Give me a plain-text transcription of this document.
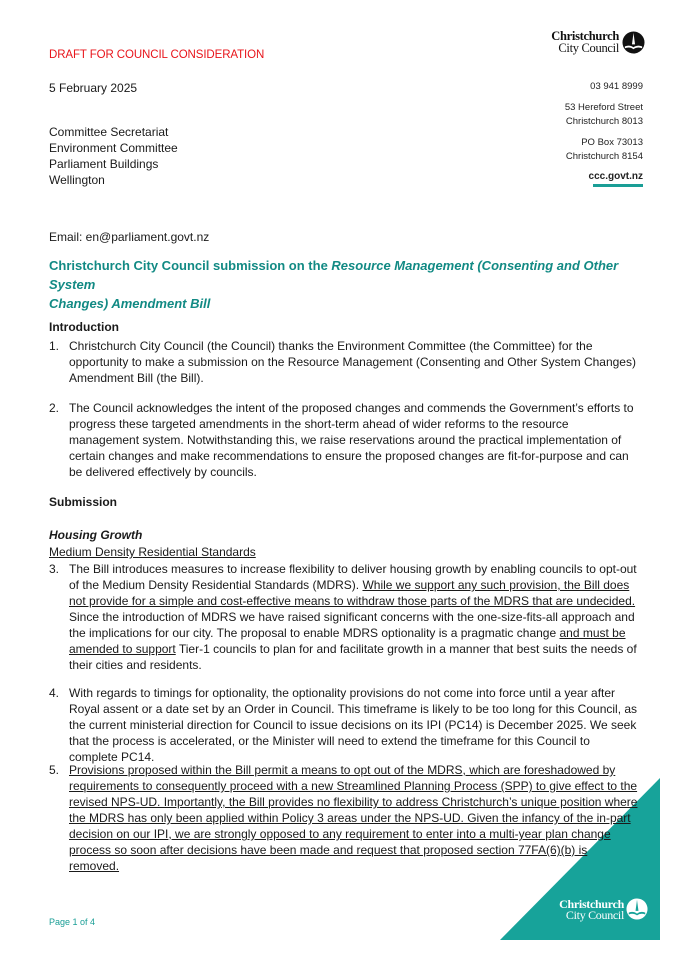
DRAFT FOR COUNCIL CONSIDERATION
5 February 2025
Committee Secretariat
Environment Committee
Parliament Buildings
Wellington
Christchurch
City Council
03 941 8999
53 Hereford Street
Christchurch 8013
PO Box 73013
Christchurch 8154
ccc.govt.nz
Email: en@parliament.govt.nz
Christchurch City Council submission on the Resource Management (Consenting and Other System
Changes) Amendment Bill
Introduction
1. Christchurch City Council (the Council) thanks the Environment Committee (the Committee) for the opportunity to make a submission on the Resource Management (Consenting and Other System Changes) Amendment Bill (the Bill).
2. The Council acknowledges the intent of the proposed changes and commends the Government’s efforts to progress these targeted amendments in the short-term ahead of wider reforms to the resource management system. Notwithstanding this, we raise reservations around the practical implementation of certain changes and make recommendations to ensure the proposed changes are fit-for-purpose and can be delivered effectively by councils.
Submission
Housing Growth
Medium Density Residential Standards
3. The Bill introduces measures to increase flexibility to deliver housing growth by enabling councils to opt-out of the Medium Density Residential Standards (MDRS). While we support any such provision, the Bill does not provide for a simple and cost-effective means to withdraw those parts of the MDRS that are undecided. Since the introduction of MDRS we have raised significant concerns with the one-size-fits-all approach and the implications for our city. The proposal to enable MDRS optionality is a pragmatic change and must be amended to support Tier-1 councils to plan for and facilitate growth in a manner that best suits the needs of their cities and residents.
4. With regards to timings for optionality, the optionality provisions do not come into force until a year after Royal assent or a date set by an Order in Council. This timeframe is likely to be too long for this Council, as the current ministerial direction for Council to issue decisions on its IPI (PC14) is December 2025. We seek that the process is accelerated, or the Minister will need to extend the timeframe for this Council to complete PC14.
5. Provisions proposed within the Bill permit a means to opt out of the MDRS, which are foreshadowed by requirements to consequently proceed with a new Streamlined Planning Process (SPP) to give effect to the revised NPS-UD. Importantly, the Bill provides no flexibility to address Christchurch’s unique position where the MDRS has only been applied within Policy 3 areas under the NPS-UD. Given the infancy of the in-part decision on our IPI, we are strongly opposed to any requirement to enter into a multi-year plan change process so soon after decisions have been made and request that proposed section 77FA(6)(b) is removed.
Page 1 of 4
Christchurch
City Council
